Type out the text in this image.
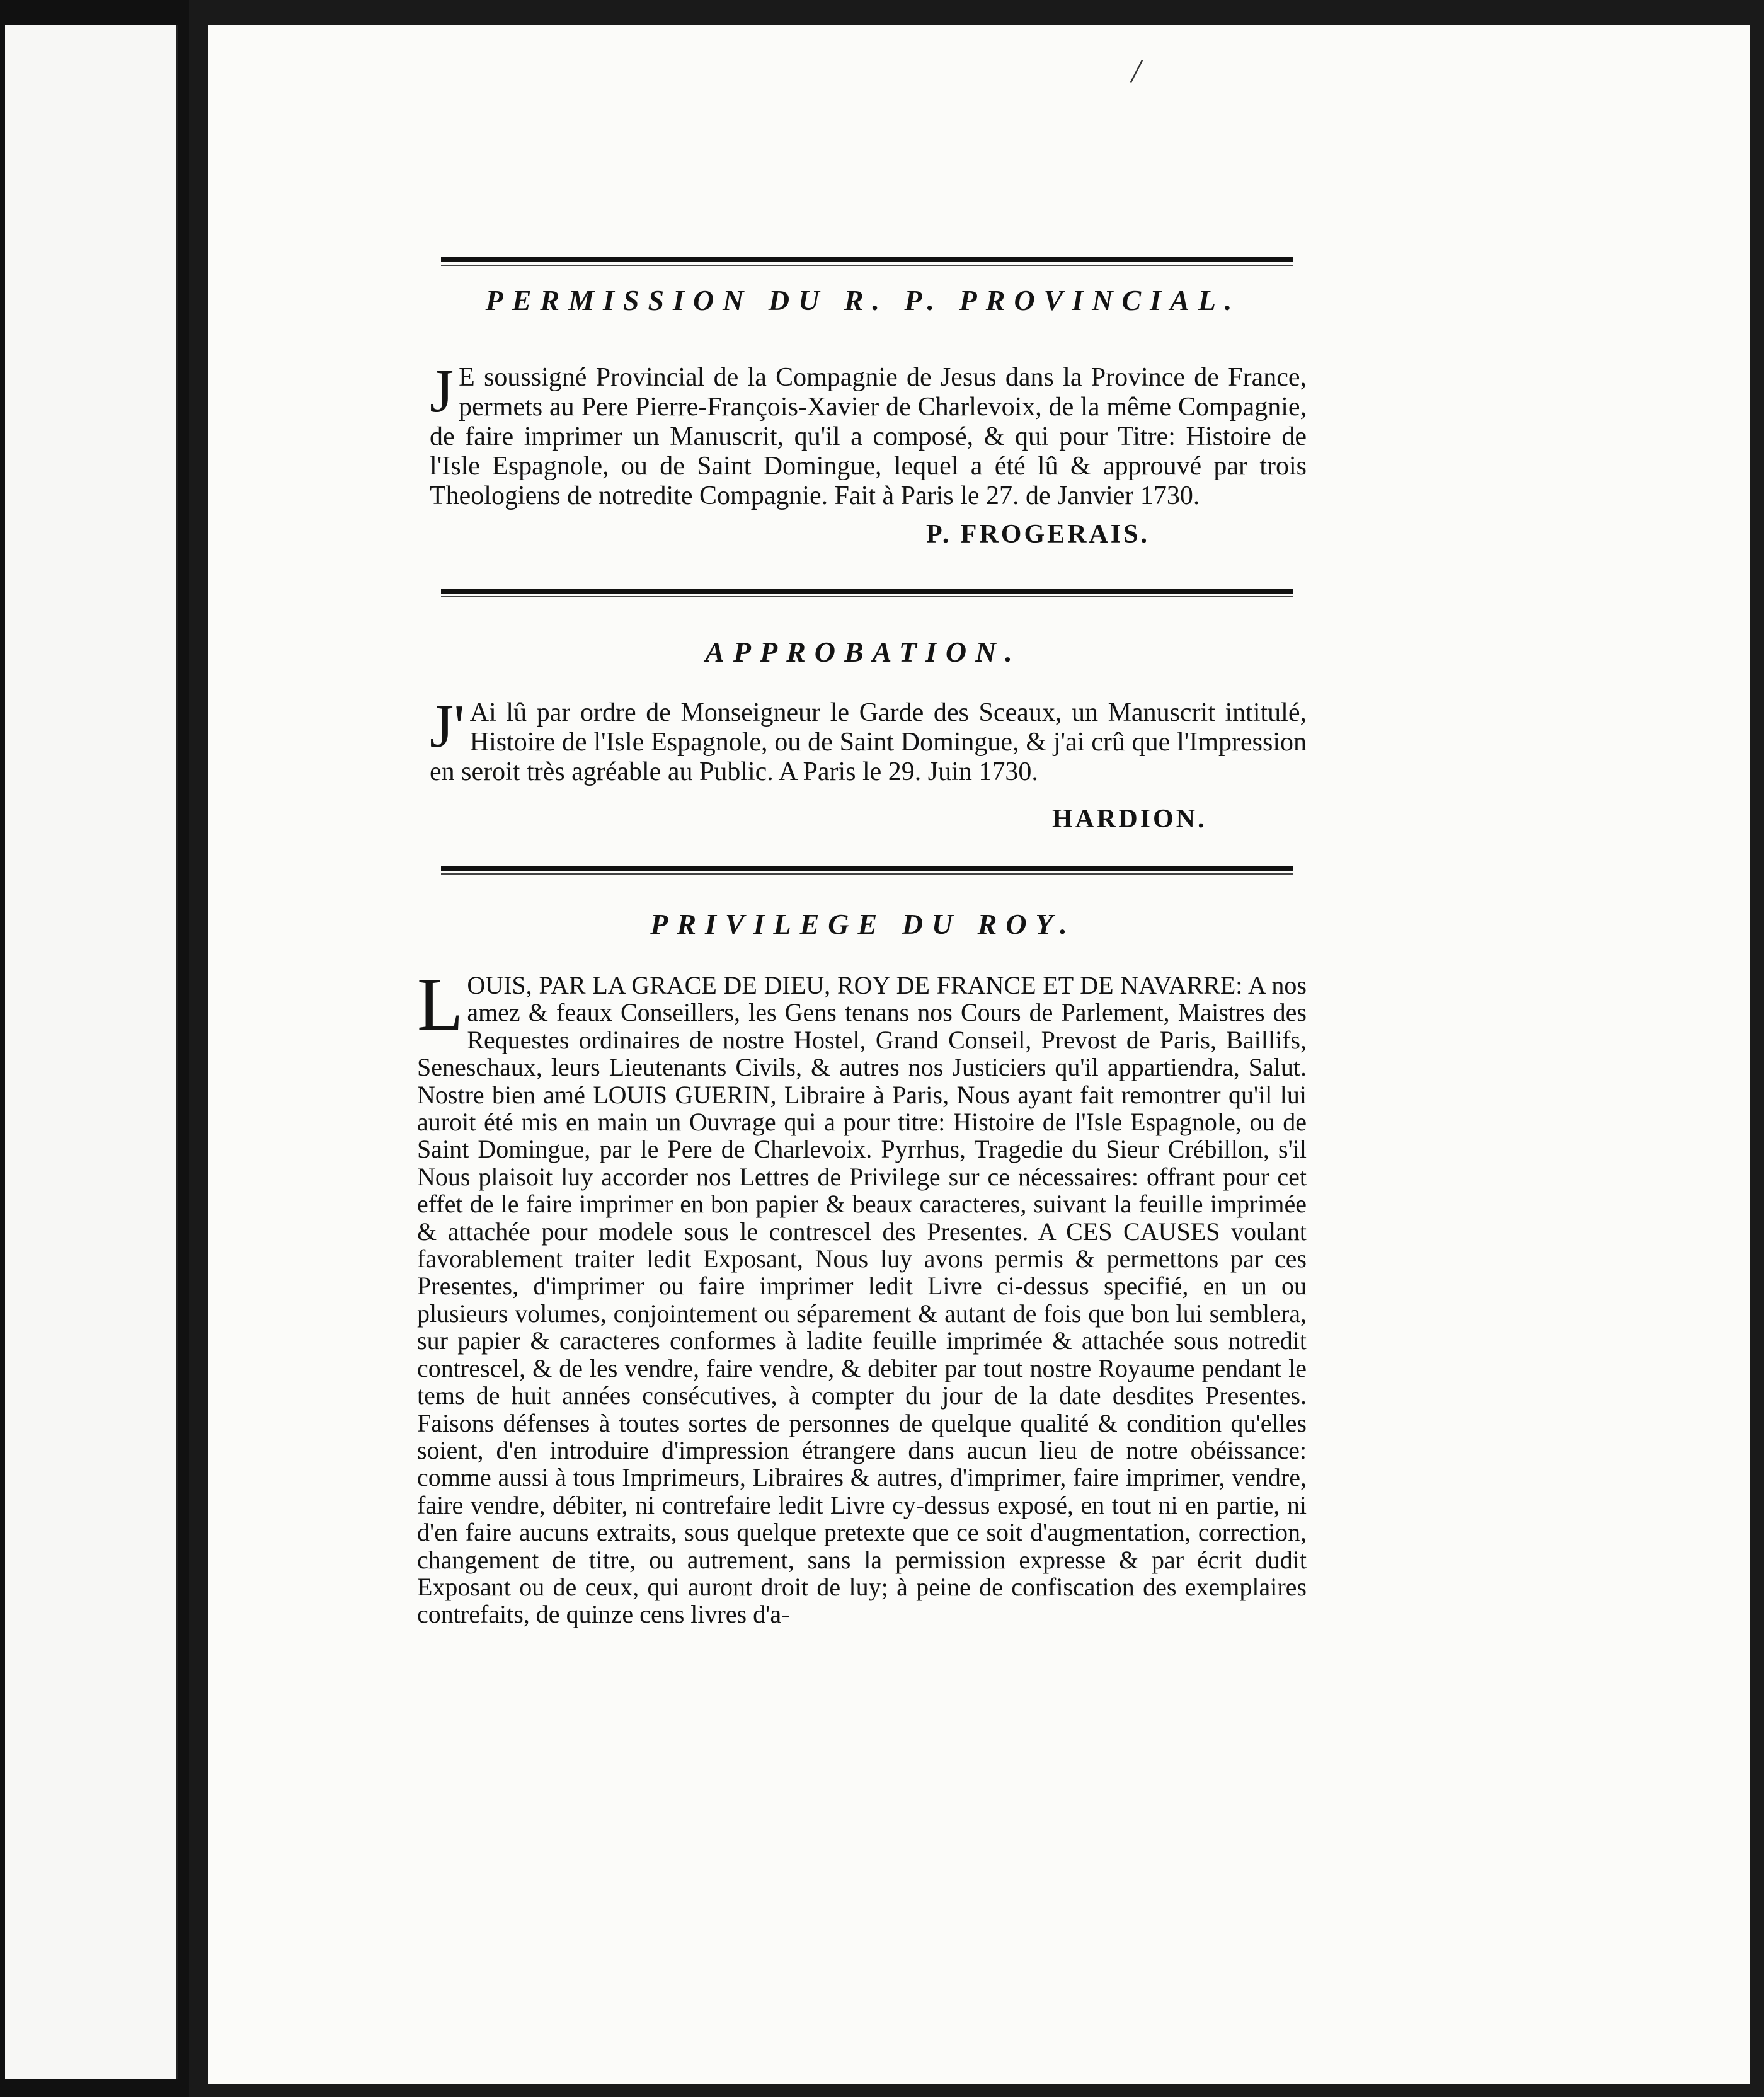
/
PERMISSION DU R. P. PROVINCIAL.
JE soussigné Provincial de la Compagnie de Jesus dans la Province de France, permets au Pere Pierre-François-Xavier de Charlevoix, de la même Compagnie, de faire imprimer un Manuscrit, qu'il a composé, & qui pour Titre: Histoire de l'Isle Espagnole, ou de Saint Domingue, lequel a été lû & approuvé par trois Theologiens de notredite Compagnie. Fait à Paris le 27. de Janvier 1730.
P. FROGERAIS.
APPROBATION.
J'Ai lû par ordre de Monseigneur le Garde des Sceaux, un Manuscrit intitulé, Histoire de l'Isle Espagnole, ou de Saint Domingue, & j'ai crû que l'Impression en seroit très agréable au Public. A Paris le 29. Juin 1730.
HARDION.
PRIVILEGE DU ROY.
LOUIS, PAR LA GRACE DE DIEU, ROY DE FRANCE ET DE NAVARRE: A nos amez & feaux Conseillers, les Gens tenans nos Cours de Parlement, Maistres des Requestes ordinaires de nostre Hostel, Grand Conseil, Prevost de Paris, Baillifs, Seneschaux, leurs Lieutenants Civils, & autres nos Justiciers qu'il appartiendra, Salut. Nostre bien amé LOUIS GUERIN, Libraire à Paris, Nous ayant fait remontrer qu'il lui auroit été mis en main un Ouvrage qui a pour titre: Histoire de l'Isle Espagnole, ou de Saint Domingue, par le Pere de Charlevoix. Pyrrhus, Tragedie du Sieur Crébillon, s'il Nous plaisoit luy accorder nos Lettres de Privilege sur ce nécessaires: offrant pour cet effet de le faire imprimer en bon papier & beaux caracteres, suivant la feuille imprimée & attachée pour modele sous le contrescel des Presentes. A CES CAUSES voulant favorablement traiter ledit Exposant, Nous luy avons permis & permettons par ces Presentes, d'imprimer ou faire imprimer ledit Livre ci-dessus specifié, en un ou plusieurs volumes, conjointement ou séparement & autant de fois que bon lui semblera, sur papier & caracteres conformes à ladite feuille imprimée & attachée sous notredit contrescel, & de les vendre, faire vendre, & debiter par tout nostre Royaume pendant le tems de huit années consécutives, à compter du jour de la date desdites Presentes. Faisons défenses à toutes sortes de personnes de quelque qualité & condition qu'elles soient, d'en introduire d'impression étrangere dans aucun lieu de notre obéissance: comme aussi à tous Imprimeurs, Libraires & autres, d'imprimer, faire imprimer, vendre, faire vendre, débiter, ni contrefaire ledit Livre cy-dessus exposé, en tout ni en partie, ni d'en faire aucuns extraits, sous quelque pretexte que ce soit d'augmentation, correction, changement de titre, ou autrement, sans la permission expresse & par écrit dudit Exposant ou de ceux, qui auront droit de luy; à peine de confiscation des exemplaires contrefaits, de quinze cens livres d'a-
